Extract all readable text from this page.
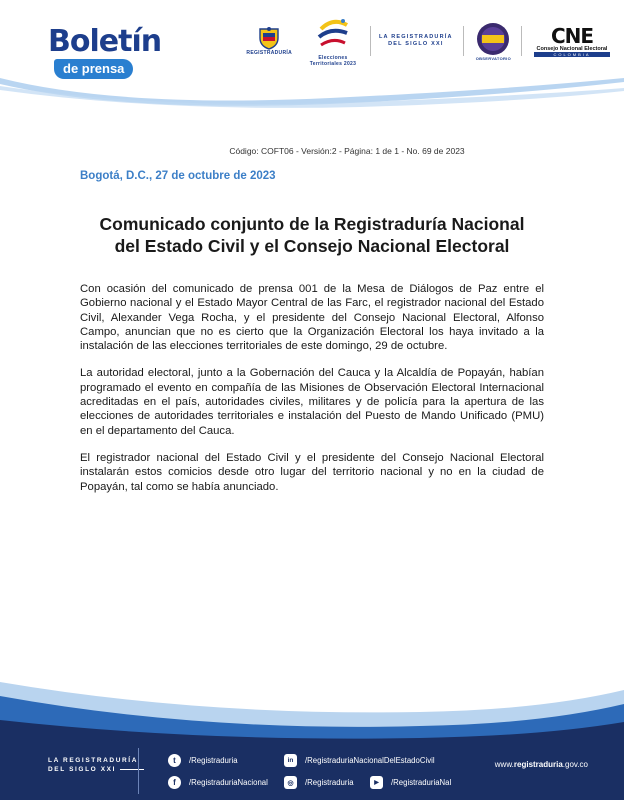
Boletín
de prensa
REGISTRADURÍA
Elecciones Territoriales 2023
LA REGISTRADURÍA
DEL SIGLO XXI
OBSERVATORIO
CNE
Consejo Nacional Electoral
COLOMBIA
Código: COFT06 - Versión:2 - Página: 1 de 1 - No. 69 de 2023
Bogotá, D.C., 27 de octubre de 2023
Comunicado conjunto de la Registraduría Nacional
del Estado Civil y el Consejo Nacional Electoral

Con ocasión del comunicado de prensa 001 de la Mesa de Diálogos de Paz entre el Gobierno nacional y el Estado Mayor Central de las Farc, el registrador nacional del Estado Civil, Alexander Vega Rocha, y el presidente del Consejo Nacional Electoral, Alfonso Campo, anuncian que no es cierto que la Organización Electoral los haya invitado a la instalación de las elecciones territoriales de este domingo, 29 de octubre.

La autoridad electoral, junto a la Gobernación del Cauca y la Alcaldía de Popayán, habían programado el evento en compañía de las Misiones de Observación Electoral Internacional acreditadas en el país, autoridades civiles, militares y de policía para la apertura de las elecciones de autoridades territoriales e instalación del Puesto de Mando Unificado (PMU) en el departamento del Cauca.

El registrador nacional del Estado Civil y el presidente del Consejo Nacional Electoral instalarán estos comicios desde otro lugar del territorio nacional y no en la ciudad de Popayán, tal como se había anunciado.

LA REGISTRADURÍA
DEL SIGLO XXI
t	/Registraduria	in	/RegistraduriaNacionalDelEstadoCivil
f	/RegistraduriaNacional	◎	/Registraduria	▶	/RegistraduriaNal
www.registraduria.gov.co
